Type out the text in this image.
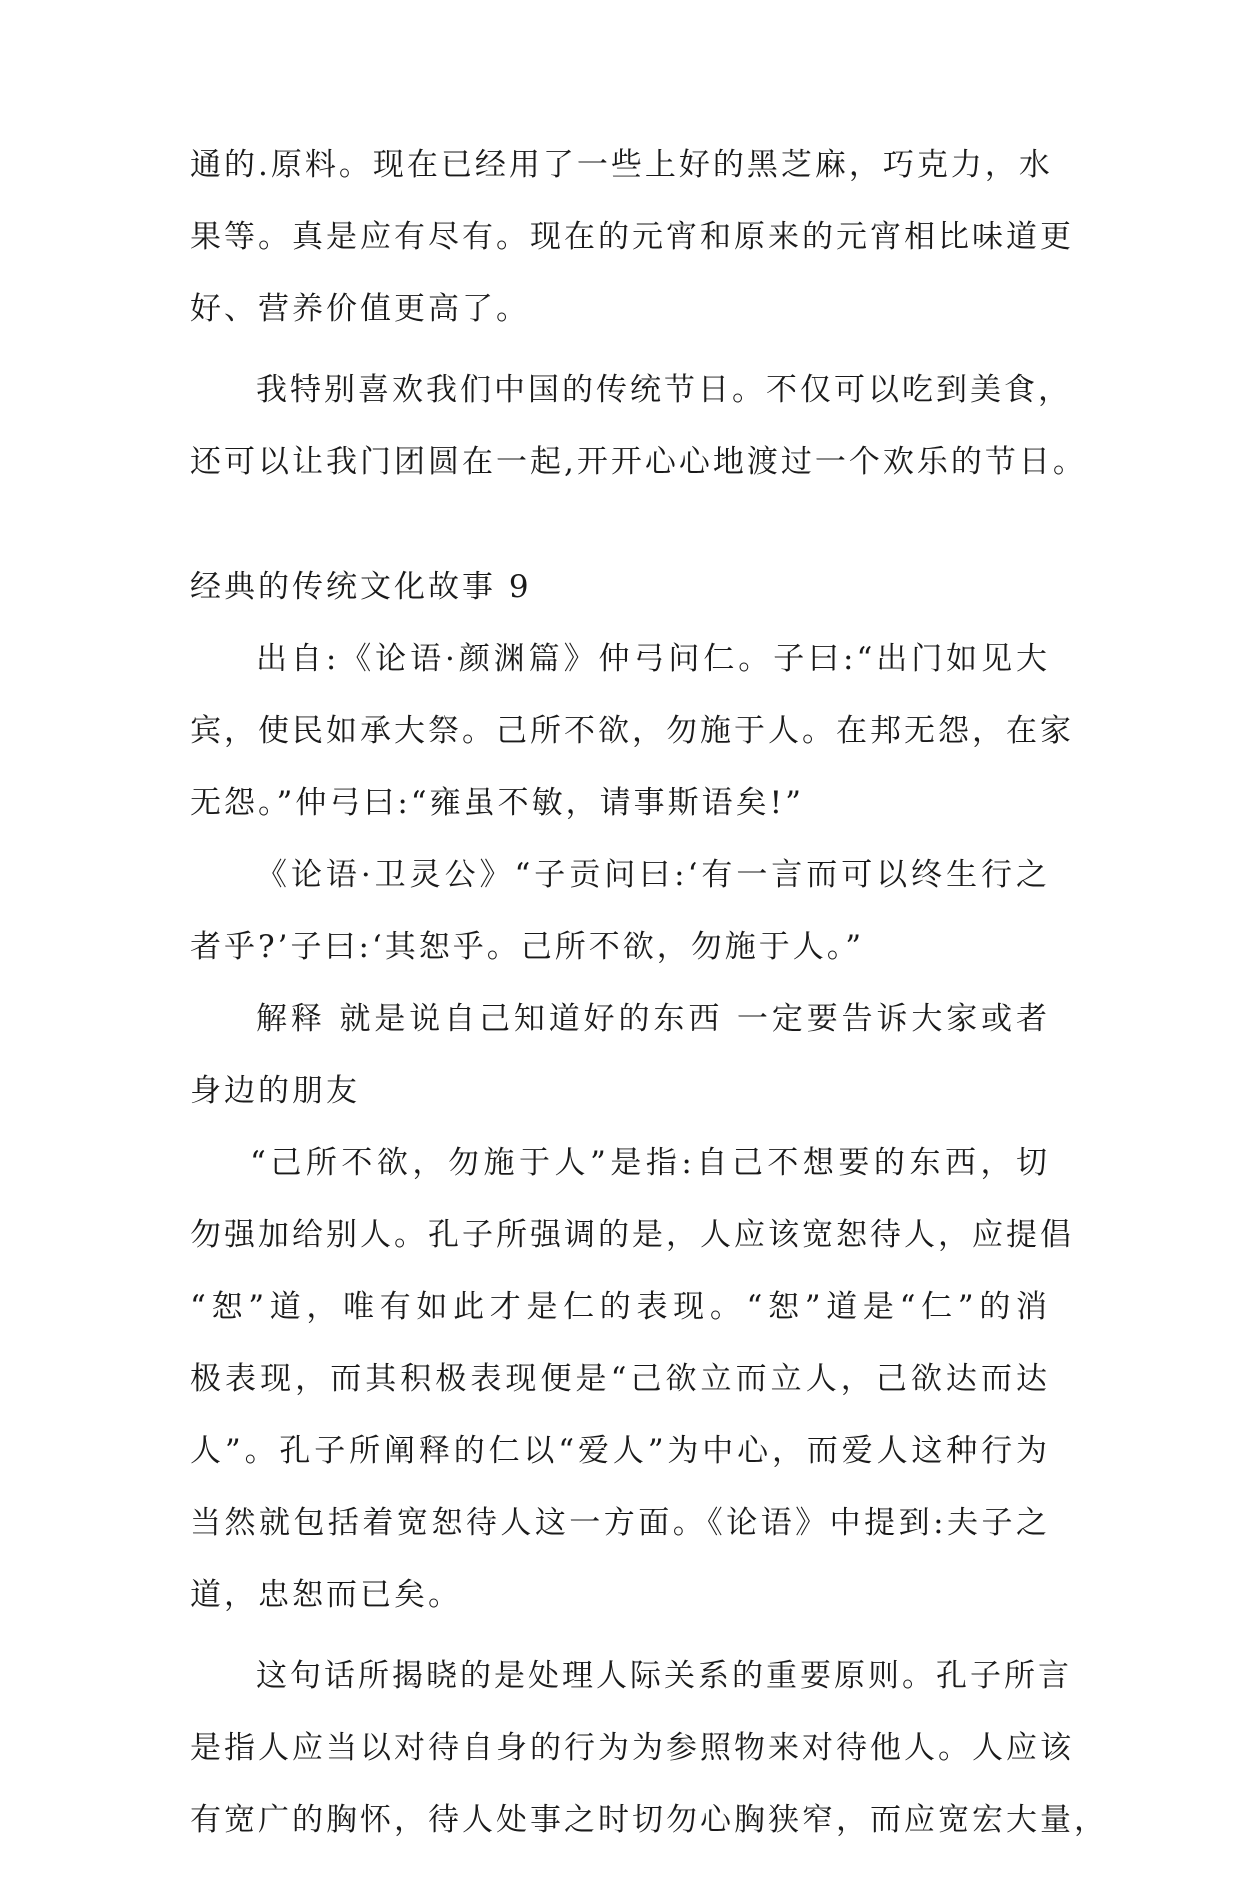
通的.原料。现在已经用了一些上好的黑芝麻，巧克力，水
果等。真是应有尽有。现在的元宵和原来的元宵相比味道更
好、营养价值更高了。
我特别喜欢我们中国的传统节日。不仅可以吃到美食，
还可以让我门团圆在一起,开开心心地渡过一个欢乐的节日。
经典的传统文化故事 9
出自:《论语·颜渊篇》仲弓问仁。子曰:“出门如见大
宾，使民如承大祭。己所不欲，勿施于人。在邦无怨，在家
无怨。”仲弓曰:“雍虽不敏，请事斯语矣!”
《论语·卫灵公》“子贡问曰:‘有一言而可以终生行之
者乎?’子曰:‘其恕乎。己所不欲，勿施于人。”
解释 就是说自己知道好的东西 一定要告诉大家或者
身边的朋友
“己所不欲，勿施于人”是指:自己不想要的东西，切
勿强加给别人。孔子所强调的是，人应该宽恕待人，应提倡
“恕”道，唯有如此才是仁的表现。“恕”道是“仁”的消
极表现，而其积极表现便是“己欲立而立人，己欲达而达
人”。孔子所阐释的仁以“爱人”为中心，而爱人这种行为
当然就包括着宽恕待人这一方面。《论语》中提到:夫子之
道，忠恕而已矣。
这句话所揭晓的是处理人际关系的重要原则。孔子所言
是指人应当以对待自身的行为为参照物来对待他人。人应该
有宽广的胸怀，待人处事之时切勿心胸狭窄，而应宽宏大量，
